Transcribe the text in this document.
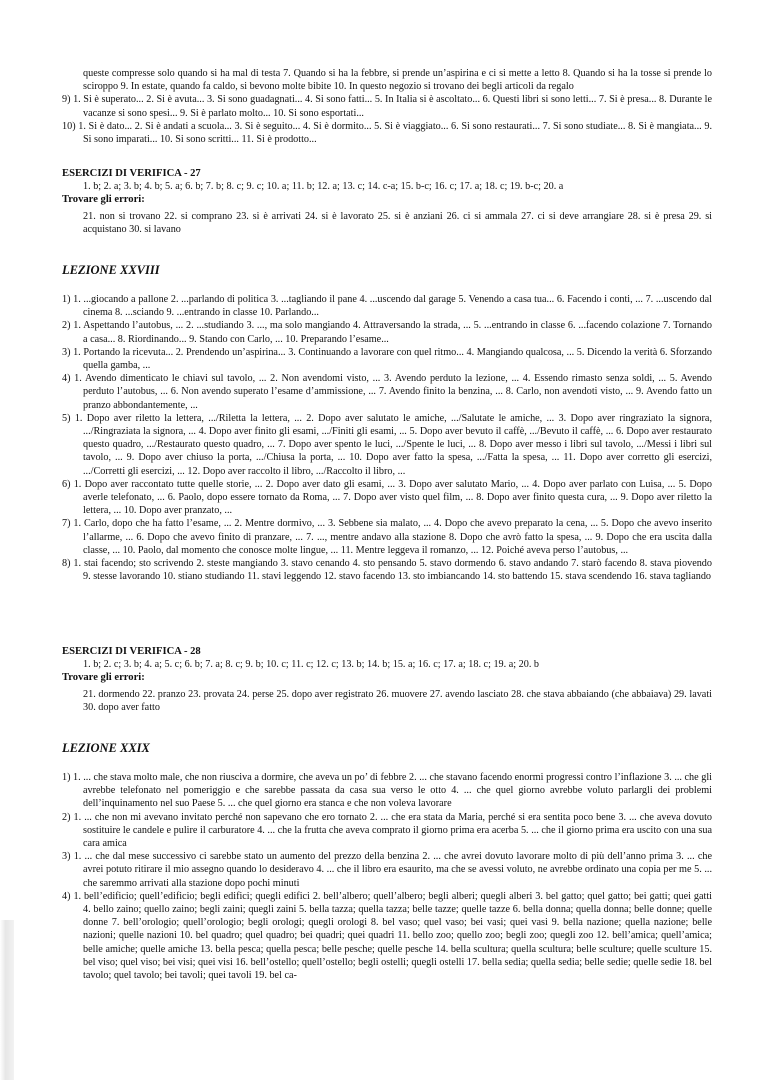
queste compresse solo quando si ha mal di testa 7. Quando si ha la febbre, si prende un’aspirina e ci si mette a letto 8. Quando si ha la tosse si prende lo sciroppo 9. In estate, quando fa caldo, si bevono molte bibite 10. In questo negozio si trovano dei begli articoli da regalo

9) 1. Si è superato... 2. Si è avuta... 3. Si sono guadagnati... 4. Si sono fatti... 5. In Italia si è ascoltato... 6. Questi libri si sono letti... 7. Si è presa... 8. Durante le vacanze si sono spesi... 9. Si è parlato molto... 10. Si sono esportati...

10) 1. Si è dato... 2. Si è andati a scuola... 3. Si è seguito... 4. Si è dormito... 5. Si è viaggiato... 6. Si sono restaurati... 7. Si sono studiate... 8. Si è mangiata... 9. Si sono imparati... 10. Si sono scritti... 11. Si è prodotto...

ESERCIZI DI VERIFICA - 27

1. b; 2. a; 3. b; 4. b; 5. a; 6. b; 7. b; 8. c; 9. c; 10. a; 11. b; 12. a; 13. c; 14. c-a; 15. b-c; 16. c; 17. a; 18. c; 19. b-c; 20. a

Trovare gli errori:

21. non si trovano 22. si comprano 23. si è arrivati 24. si è lavorato 25. si è anziani 26. ci si ammala 27. ci si deve arrangiare 28. si è presa 29. si acquistano 30. si lavano

LEZIONE XXVIII

1) 1. ...giocando a pallone 2. ...parlando di politica 3. ...tagliando il pane 4. ...uscendo dal garage 5. Venendo a casa tua... 6. Facendo i conti, ... 7. ...uscendo dal cinema 8. ...sciando 9. ...entrando in classe 10. Parlando...

2) 1. Aspettando l’autobus, ... 2. ...studiando 3. ..., ma solo mangiando 4. Attraversando la strada, ... 5. ...entrando in classe 6. ...facendo colazione 7. Tornando a casa... 8. Riordinando... 9. Stando con Carlo, ... 10. Preparando l’esame...

3) 1. Portando la ricevuta... 2. Prendendo un’aspirina... 3. Continuando a lavorare con quel ritmo... 4. Mangiando qualcosa, ... 5. Dicendo la verità 6. Sforzando quella gamba, ...

4) 1. Avendo dimenticato le chiavi sul tavolo, ... 2. Non avendomi visto, ... 3. Avendo perduto la lezione, ... 4. Essendo rimasto senza soldi, ... 5. Avendo perduto l’autobus, ... 6. Non avendo superato l’esame d’ammissione, ... 7. Avendo finito la benzina, ... 8. Carlo, non avendoti visto, ... 9. Avendo fatto un pranzo abbondantemente, ...

5) 1. Dopo aver riletto la lettera, .../Riletta la lettera, ... 2. Dopo aver salutato le amiche, .../Salutate le amiche, ... 3. Dopo aver ringraziato la signora, .../Ringraziata la signora, ... 4. Dopo aver finito gli esami, .../Finiti gli esami, ... 5. Dopo aver bevuto il caffè, .../Bevuto il caffè, ... 6. Dopo aver restaurato questo quadro, .../Restaurato questo quadro, ... 7. Dopo aver spento le luci, .../Spente le luci, ... 8. Dopo aver messo i libri sul tavolo, .../Messi i libri sul tavolo, ... 9. Dopo aver chiuso la porta, .../Chiusa la porta, ... 10. Dopo aver fatto la spesa, .../Fatta la spesa, ... 11. Dopo aver corretto gli esercizi, .../Corretti gli esercizi, ... 12. Dopo aver raccolto il libro, .../Raccolto il libro, ...

6) 1. Dopo aver raccontato tutte quelle storie, ... 2. Dopo aver dato gli esami, ... 3. Dopo aver salutato Mario, ... 4. Dopo aver parlato con Luisa, ... 5. Dopo averle telefonato, ... 6. Paolo, dopo essere tornato da Roma, ... 7. Dopo aver visto quel film, ... 8. Dopo aver finito questa cura, ... 9. Dopo aver riletto la lettera, ... 10. Dopo aver pranzato, ...

7) 1. Carlo, dopo che ha fatto l’esame, ... 2. Mentre dormivo, ... 3. Sebbene sia malato, ... 4. Dopo che avevo preparato la cena, ... 5. Dopo che avevo inserito l’allarme, ... 6. Dopo che avevo finito di pranzare, ... 7. ..., mentre andavo alla stazione 8. Dopo che avrò fatto la spesa, ... 9. Dopo che era uscita dalla classe, ... 10. Paolo, dal momento che conosce molte lingue, ... 11. Mentre leggeva il romanzo, ... 12. Poiché aveva perso l’autobus, ...

8) 1. stai facendo; sto scrivendo 2. steste mangiando 3. stavo cenando 4. sto pensando 5. stavo dormendo 6. stavo andando 7. starò facendo 8. stava piovendo 9. stesse lavorando 10. stiano studiando 11. stavi leggendo 12. stavo facendo 13. sto imbiancando 14. sto battendo 15. stava scendendo 16. stava tagliando

ESERCIZI DI VERIFICA - 28

1. b; 2. c; 3. b; 4. a; 5. c; 6. b; 7. a; 8. c; 9. b; 10. c; 11. c; 12. c; 13. b; 14. b; 15. a; 16. c; 17. a; 18. c; 19. a; 20. b

Trovare gli errori:

21. dormendo 22. pranzo 23. provata 24. perse 25. dopo aver registrato 26. muovere 27. avendo lasciato 28. che stava abbaiando (che abbaiava) 29. lavati 30. dopo aver fatto

LEZIONE XXIX

1) 1. ... che stava molto male, che non riusciva a dormire, che aveva un po’ di febbre 2. ... che stavano facendo enormi progressi contro l’inflazione 3. ... che gli avrebbe telefonato nel pomeriggio e che sarebbe passata da casa sua verso le otto 4. ... che quel giorno avrebbe voluto parlargli dei problemi dell’inquinamento nel suo Paese 5. ... che quel giorno era stanca e che non voleva lavorare

2) 1. ... che non mi avevano invitato perché non sapevano che ero tornato 2. ... che era stata da Maria, perché si era sentita poco bene 3. ... che aveva dovuto sostituire le candele e pulire il carburatore 4. ... che la frutta che aveva comprato il giorno prima era acerba 5. ... che il giorno prima era uscito con una sua cara amica

3) 1. ... che dal mese successivo ci sarebbe stato un aumento del prezzo della benzina 2. ... che avrei dovuto lavorare molto di più dell’anno prima 3. ... che avrei potuto ritirare il mio assegno quando lo desideravo 4. ... che il libro era esaurito, ma che se avessi voluto, ne avrebbe ordinato una copia per me 5. ... che saremmo arrivati alla stazione dopo pochi minuti

4) 1. bell’edificio; quell’edificio; begli edifici; quegli edifici 2. bell’albero; quell’albero; begli alberi; quegli alberi 3. bel gatto; quel gatto; bei gatti; quei gatti 4. bello zaino; quello zaino; begli zaini; quegli zaini 5. bella tazza; quella tazza; belle tazze; quelle tazze 6. bella donna; quella donna; belle donne; quelle donne 7. bell’orologio; quell’orologio; begli orologi; quegli orologi 8. bel vaso; quel vaso; bei vasi; quei vasi 9. bella nazione; quella nazione; belle nazioni; quelle nazioni 10. bel quadro; quel quadro; bei quadri; quei quadri 11. bello zoo; quello zoo; begli zoo; quegli zoo 12. bell’amica; quell’amica; belle amiche; quelle amiche 13. bella pesca; quella pesca; belle pesche; quelle pesche 14. bella scultura; quella scultura; belle sculture; quelle sculture 15. bel viso; quel viso; bei visi; quei visi 16. bell’ostello; quell’ostello; begli ostelli; quegli ostelli 17. bella sedia; quella sedia; belle sedie; quelle sedie 18. bel tavolo; quel tavolo; bei tavoli; quei tavoli 19. bel ca-
